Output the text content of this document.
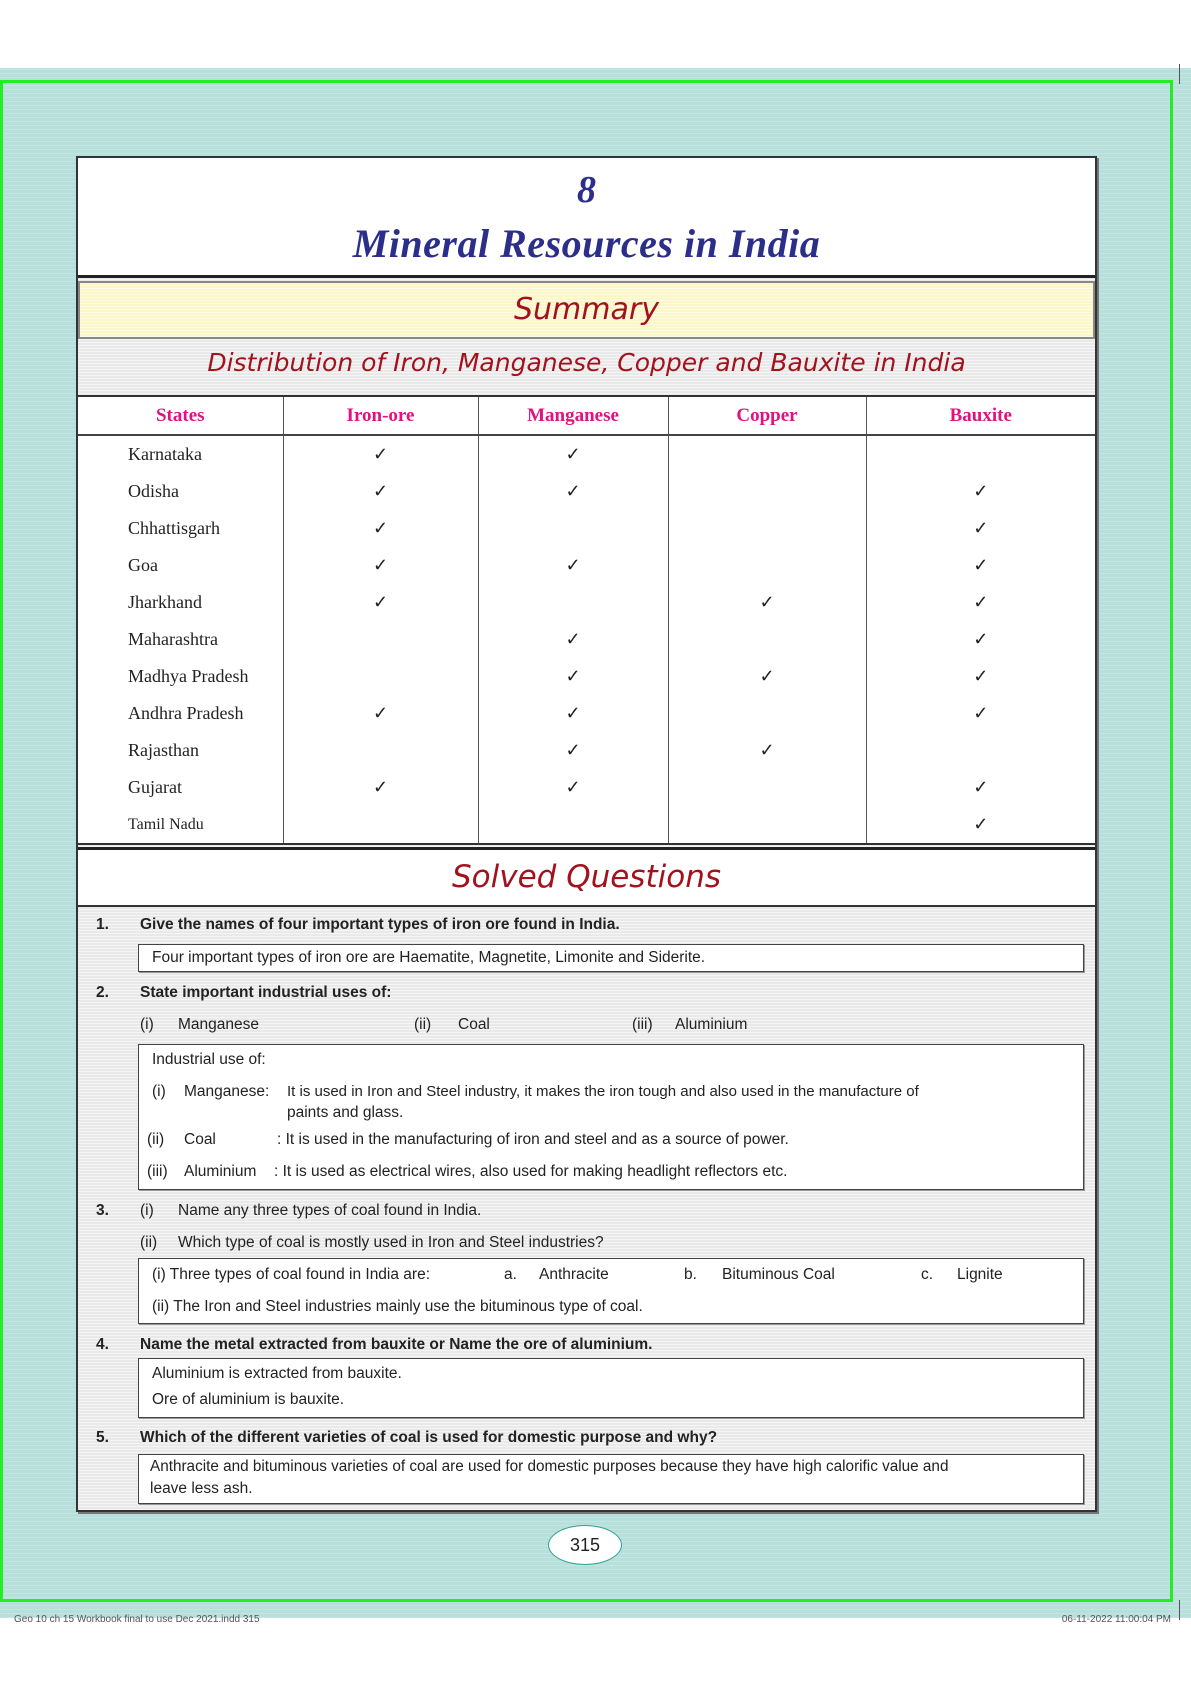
8
Mineral Resources in India
Summary
Distribution of Iron, Manganese, Copper and Bauxite in India
States	Iron-ore	Manganese	Copper	Bauxite
Karnataka	✓	✓		
Odisha	✓	✓		✓
Chhattisgarh	✓			✓
Goa	✓	✓		✓
Jharkhand	✓		✓	✓
Maharashtra		✓		✓
Madhya Pradesh		✓	✓	✓
Andhra Pradesh	✓	✓		✓
Rajasthan		✓	✓	
Gujarat	✓	✓		✓
Tamil Nadu				✓
Solved Questions
1. Give the names of four important types of iron ore found in India.
Four important types of iron ore are Haematite, Magnetite, Limonite and Siderite.
2. State important industrial uses of:
(i) Manganese	(ii) Coal	(iii) Aluminium
Industrial use of:
(i) Manganese: It is used in Iron and Steel industry, it makes the iron tough and also used in the manufacture of
paints and glass.
(ii) Coal	: It is used in the manufacturing of iron and steel and as a source of power.
(iii) Aluminium : It is used as electrical wires, also used for making headlight reflectors etc.
3. (i) Name any three types of coal found in India.
(ii) Which type of coal is mostly used in Iron and Steel industries?
(i) Three types of coal found in India are:	a. Anthracite	b. Bituminous Coal	c. Lignite
(ii) The Iron and Steel industries mainly use the bituminous type of coal.
4. Name the metal extracted from bauxite or Name the ore of aluminium.
Aluminium is extracted from bauxite.
Ore of aluminium is bauxite.
5. Which of the different varieties of coal is used for domestic purpose and why?
Anthracite and bituminous varieties of coal are used for domestic purposes because they have high calorific value and
leave less ash.
315
Geo 10 ch 15 Workbook final to use Dec 2021.indd 315	06-11-2022 11:00:04 PM
